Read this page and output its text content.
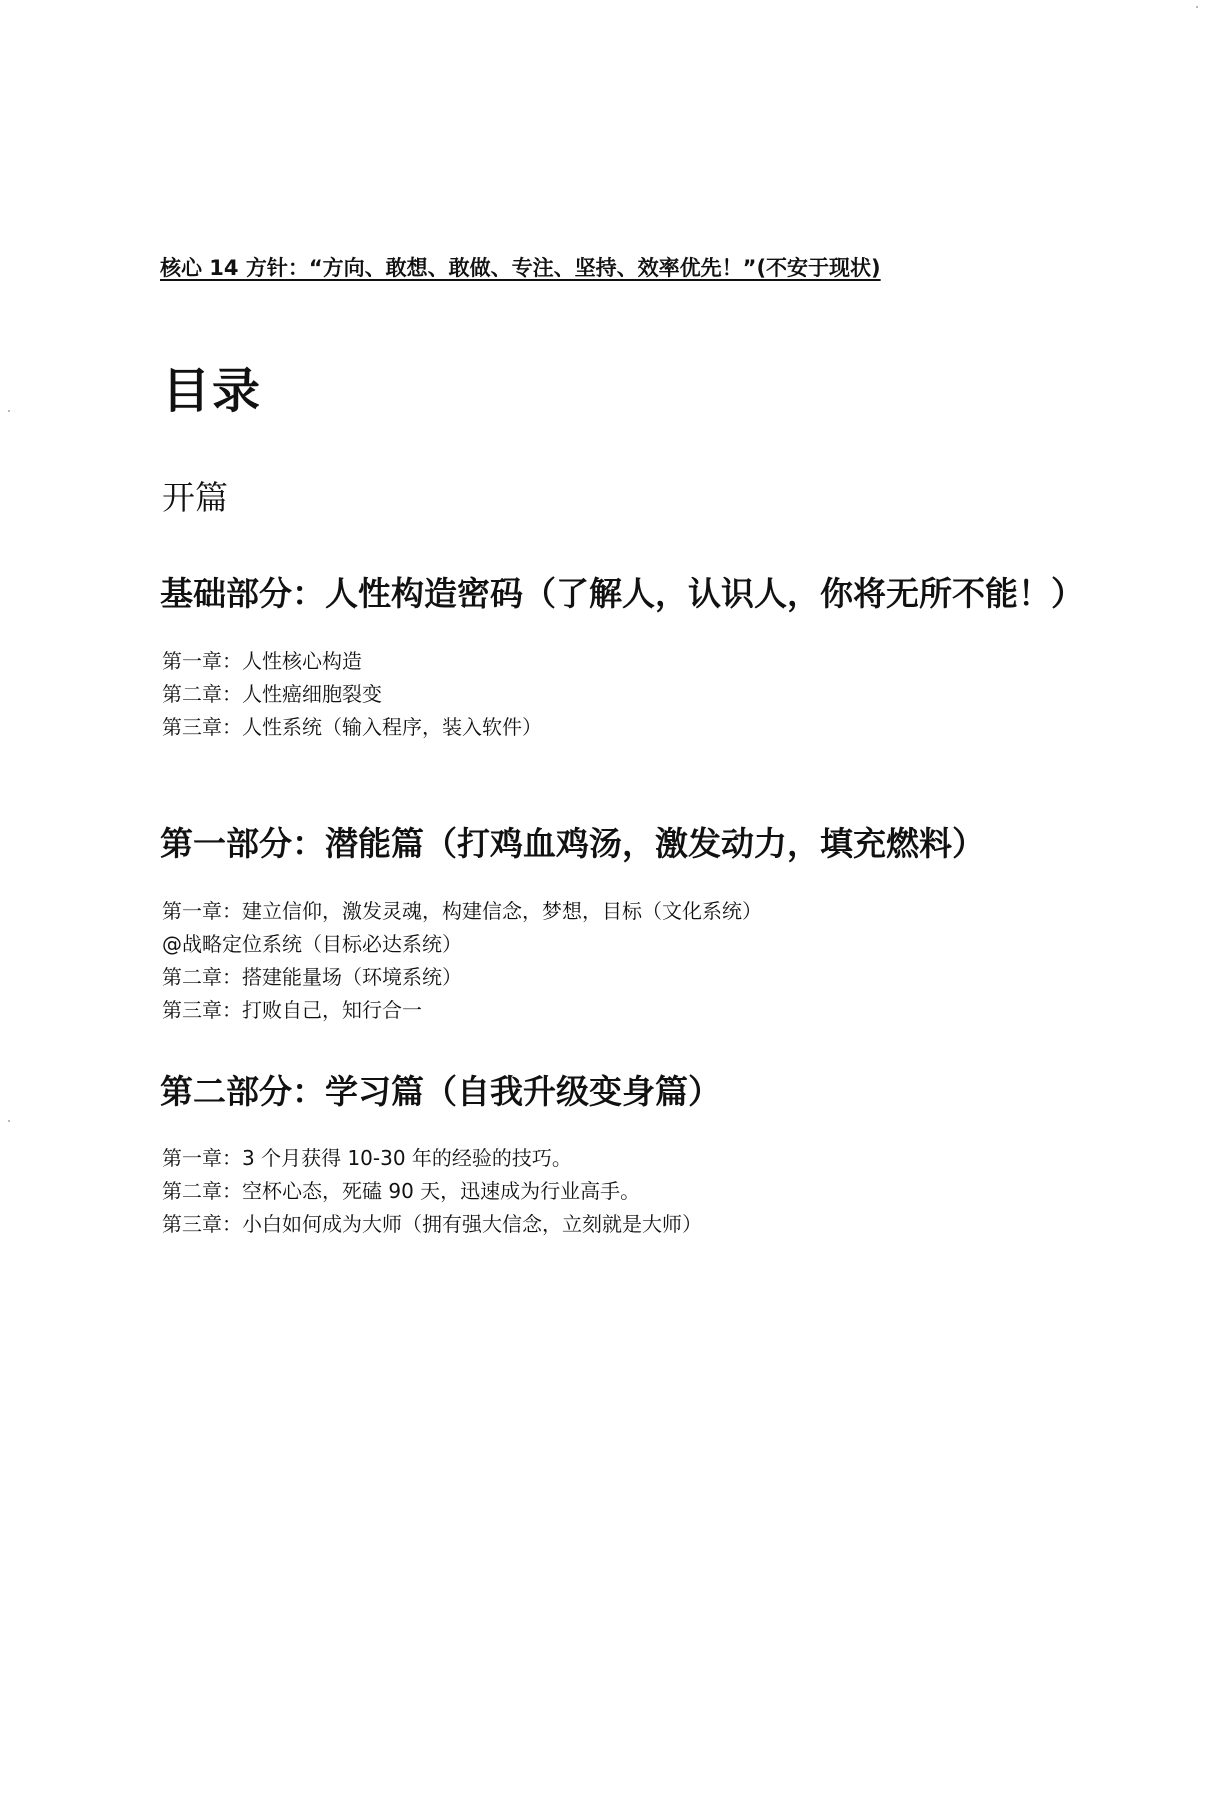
核心 14 方针：“方向、敢想、敢做、专注、坚持、效率优先！”(不安于现状)
目录
开篇
基础部分：人性构造密码（了解人，认识人，你将无所不能！）
第一章：人性核心构造
第二章：人性癌细胞裂变
第三章：人性系统（输入程序，装入软件）
第一部分：潜能篇（打鸡血鸡汤，激发动力，填充燃料）
第一章：建立信仰，激发灵魂，构建信念，梦想，目标（文化系统）
@战略定位系统（目标必达系统）
第二章：搭建能量场（环境系统）
第三章：打败自己，知行合一
第二部分：学习篇（自我升级变身篇）
第一章：3 个月获得 10-30 年的经验的技巧。
第二章：空杯心态，死磕 90 天，迅速成为行业高手。
第三章：小白如何成为大师（拥有强大信念，立刻就是大师）
